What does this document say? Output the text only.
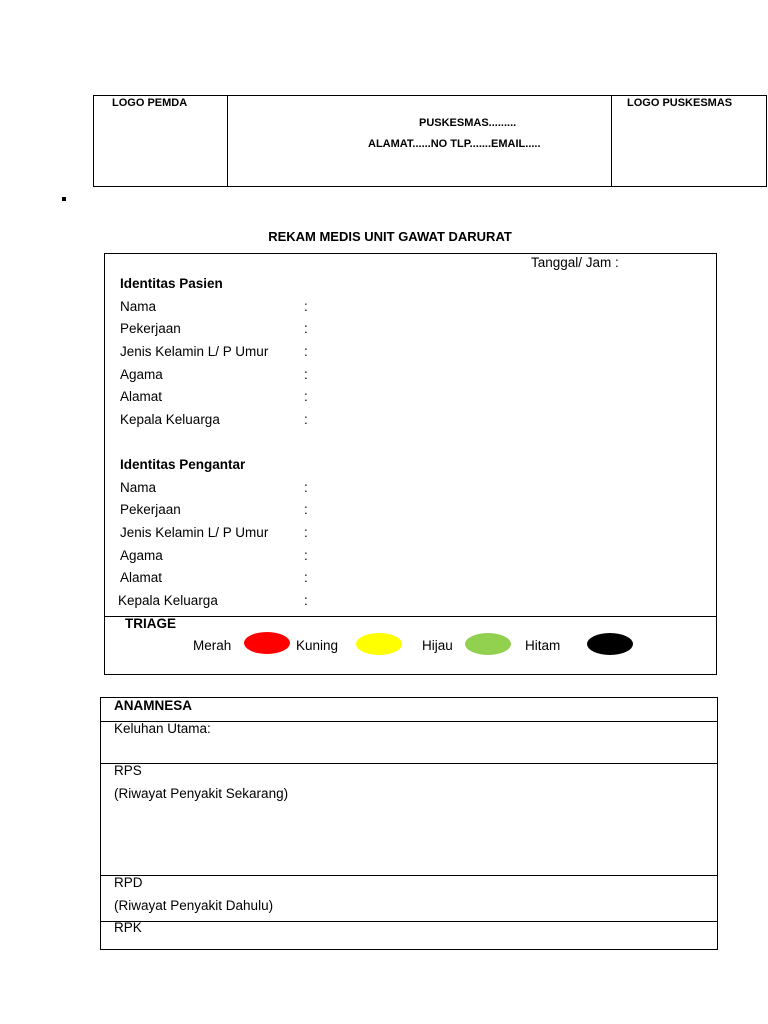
LOGO PEMDA	LOGO PUSKESMAS
PUSKESMAS.........
ALAMAT......NO TLP.......EMAIL.....
REKAM MEDIS UNIT GAWAT DARURAT
Tanggal/ Jam :
Identitas Pasien
Nama	:
Pekerjaan	:
Jenis Kelamin L/ P Umur	:
Agama	:
Alamat	:
Kepala Keluarga	:
Identitas Pengantar
Nama	:
Pekerjaan	:
Jenis Kelamin L/ P Umur	:
Agama	:
Alamat	:
Kepala Keluarga	:
TRIAGE
Merah	Kuning	Hijau	Hitam
ANAMNESA
Keluhan Utama:
RPS
(Riwayat Penyakit Sekarang)
RPD
(Riwayat Penyakit Dahulu)
RPK
